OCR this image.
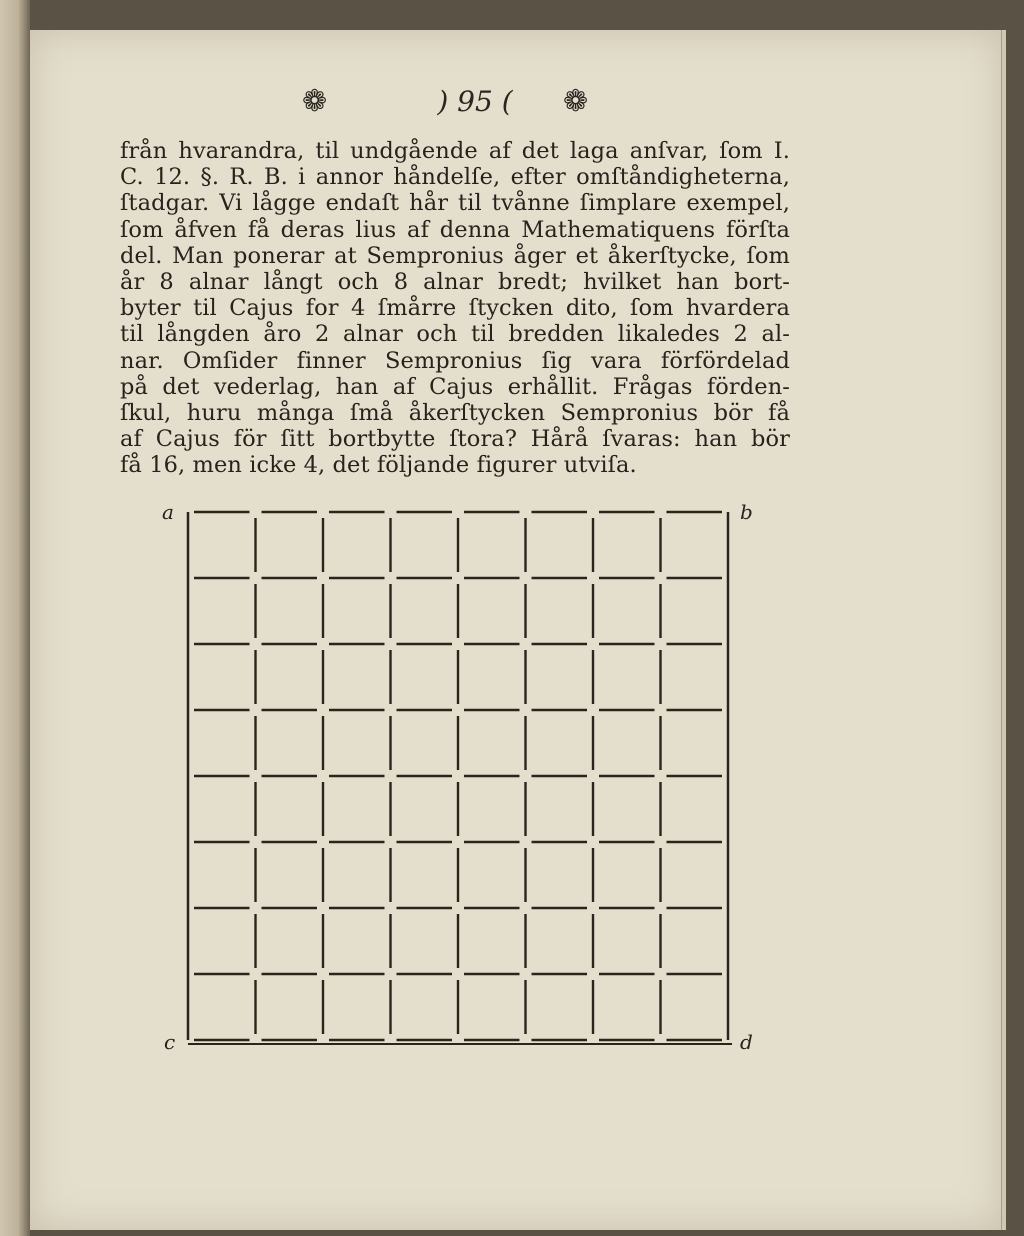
❁	) 95 (	❁
från hvarandra, til undgående af det laga anſvar, ſom I.
C. 12. §. R. B. i annor håndelſe, efter omſtåndigheterna,
ſtadgar. Vi lågge endaſt hår til tvånne ſimplare exempel,
ſom åfven få deras lius af denna Mathematiquens förſta
del. Man ponerar at Sempronius åger et åkerſtycke, ſom
år 8 alnar långt och 8 alnar bredt; hvilket han bort-
byter til Cajus for 4 ſmårre ſtycken dito, ſom hvardera
til långden åro 2 alnar och til bredden likaledes 2 al-
nar. Omſider finner Sempronius ſig vara förfördelad
på det vederlag, han af Cajus erhållit. Frågas förden-
ſkul, huru många ſmå åkerſtycken Sempronius bör få
af Cajus för ſitt bortbytte ſtora? Hårå ſvaras: han bör
få 16, men icke 4, det följande figurer utviſa.
a	b
c	d
